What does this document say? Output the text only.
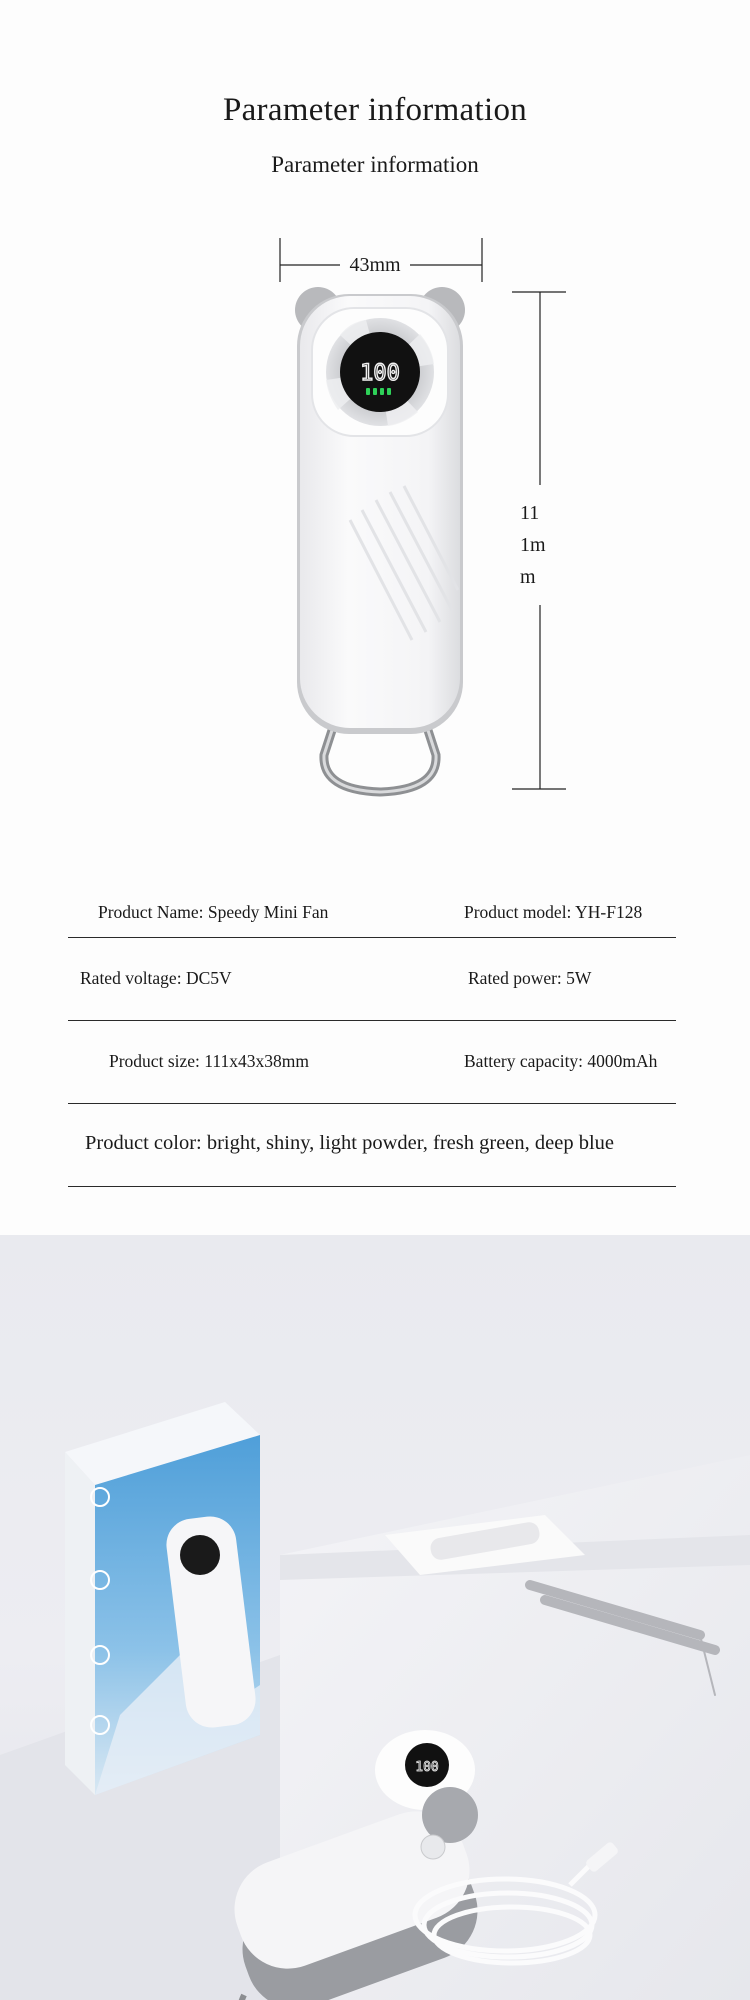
Parameter information
Parameter information
100
43mm
11
1m
m
Product Name: Speedy Mini Fan	Product model: YH-F128
Rated voltage: DC5V	Rated power: 5W
Product size: 111x43x38mm	Battery capacity: 4000mAh
Product color: bright, shiny, light powder, fresh green, deep blue
100
